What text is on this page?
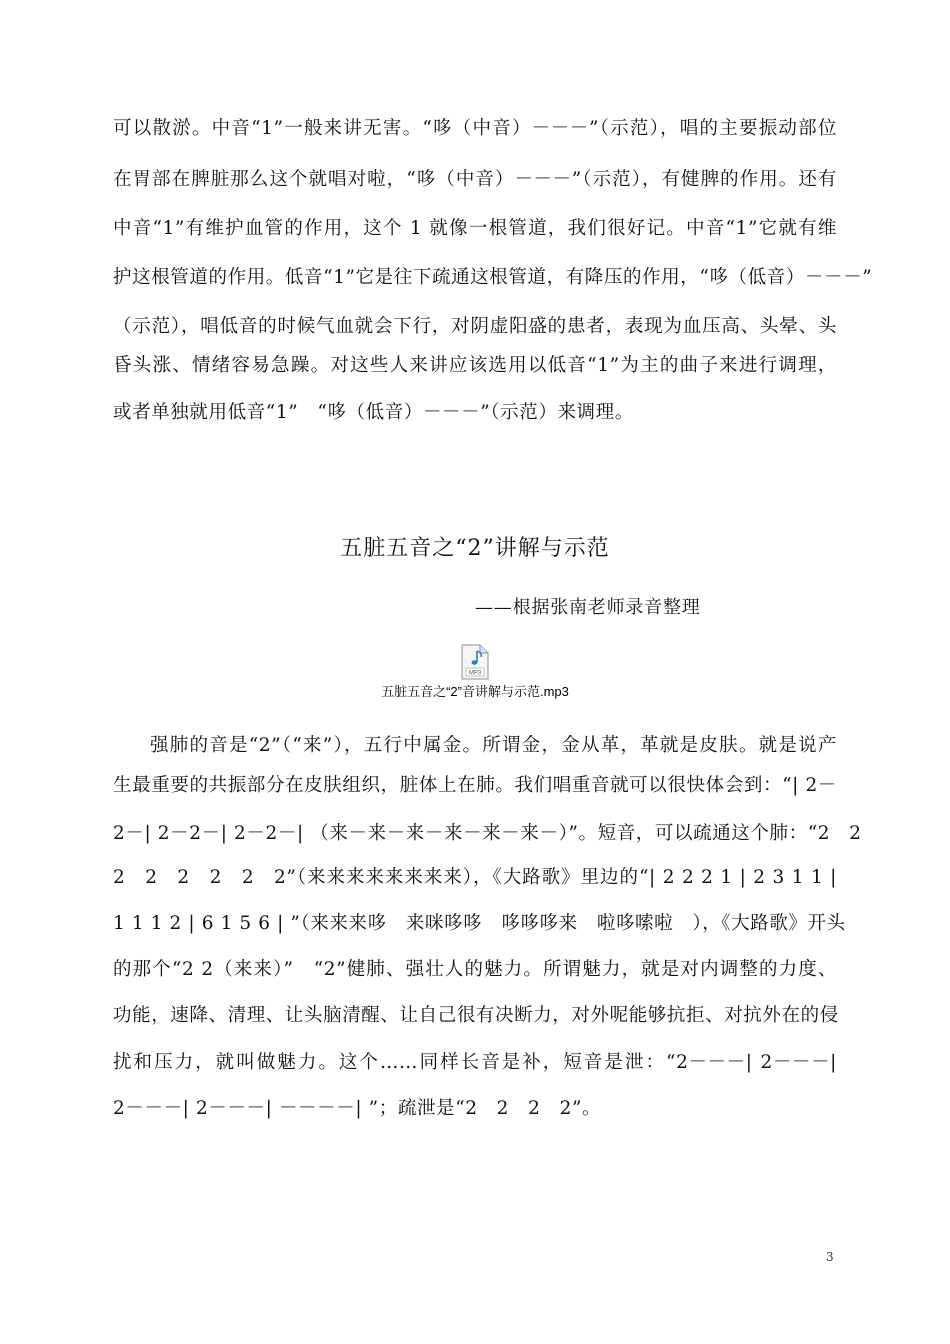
可以散淤。中音“1”一般来讲无害。“哆（中音）－－－”（示范），唱的主要振动部位
在胃部在脾脏那么这个就唱对啦，“哆（中音）－－－”（示范），有健脾的作用。还有
中音“1”有维护血管的作用，这个 1 就像一根管道，我们很好记。中音“1”它就有维
护这根管道的作用。低音“1”它是往下疏通这根管道，有降压的作用，“哆（低音）－－－”
（示范），唱低音的时候气血就会下行，对阴虚阳盛的患者，表现为血压高、头晕、头
昏头涨、情绪容易急躁。对这些人来讲应该选用以低音“1”为主的曲子来进行调理，
或者单独就用低音“1”　“哆（低音）－－－”（示范）来调理。
五脏五音之“2”讲解与示范
——根据张南老师录音整理
MP3
五脏五音之“2”音讲解与示范.mp3
强肺的音是“2”（“来”），五行中属金。所谓金，金从革，革就是皮肤。就是说产
生最重要的共振部分在皮肤组织，脏体上在肺。我们唱重音就可以很快体会到：“| 2－
2－| 2－2－| 2－2－| （来－来－来－来－来－来－）”。短音，可以疏通这个肺：“2　2
2　2　2　2　2　2”（来来来来来来来来），《大路歌》里边的“| 2 2 2 1 | 2 3 1 1 |
1 1 1 2 | 6 1 5 6 | ”（来来来哆　来咪哆哆　哆哆哆来　啦哆嗦啦　），《大路歌》开头
的那个“2 2（来来）”　“2”健肺、强壮人的魅力。所谓魅力，就是对内调整的力度、
功能，速降、清理、让头脑清醒、让自己很有决断力，对外呢能够抗拒、对抗外在的侵
扰和压力，就叫做魅力。这个……同样长音是补，短音是泄：“2－－－| 2－－－|
2－－－| 2－－－| －－－－| ”；疏泄是“2　2　2　2”。
3
